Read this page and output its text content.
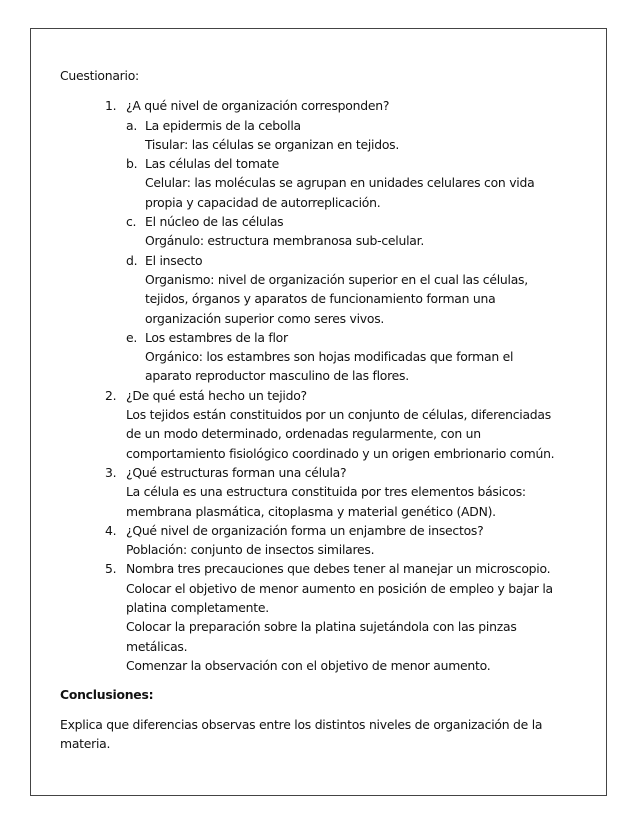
Cuestionario:
1. ¿A qué nivel de organización corresponden?
a. La epidermis de la cebolla
Tisular: las células se organizan en tejidos.
b. Las células del tomate
Celular: las moléculas se agrupan en unidades celulares con vida propia y capacidad de autorreplicación.
c. El núcleo de las células
Orgánulo: estructura membranosa sub-celular.
d. El insecto
Organismo: nivel de organización superior en el cual las células, tejidos, órganos y aparatos de funcionamiento forman una organización superior como seres vivos.
e. Los estambres de la flor
Orgánico: los estambres son hojas modificadas que forman el aparato reproductor masculino de las flores.
2. ¿De qué está hecho un tejido?
Los tejidos están constituidos por un conjunto de células, diferenciadas de un modo determinado, ordenadas regularmente, con un comportamiento fisiológico coordinado y un origen embrionario común.
3. ¿Qué estructuras forman una célula?
La célula es una estructura constituida por tres elementos básicos: membrana plasmática, citoplasma y material genético (ADN).
4. ¿Qué nivel de organización forma un enjambre de insectos?
Población: conjunto de insectos similares.
5. Nombra tres precauciones que debes tener al manejar un microscopio.
Colocar el objetivo de menor aumento en posición de empleo y bajar la platina completamente.
Colocar la preparación sobre la platina sujetándola con las pinzas metálicas.
Comenzar la observación con el objetivo de menor aumento.
Conclusiones:

Explica que diferencias observas entre los distintos niveles de organización de la materia.
